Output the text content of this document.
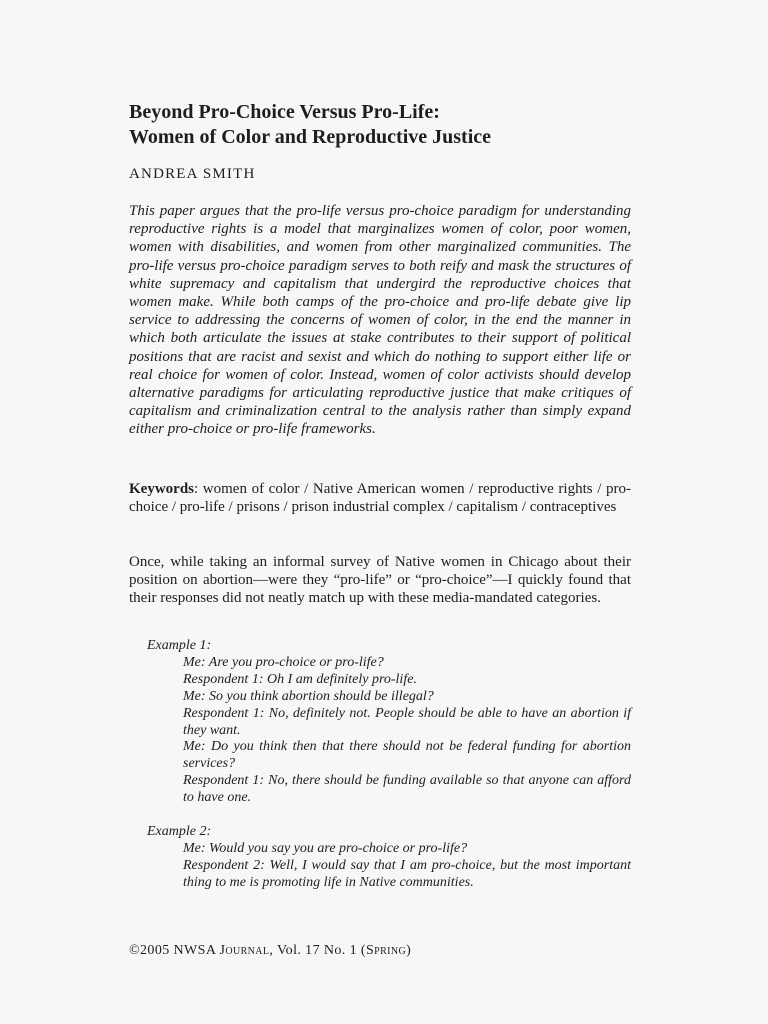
Beyond Pro-Choice Versus Pro-Life:
Women of Color and Reproductive Justice
ANDREA SMITH

This paper argues that the pro-life versus pro-choice paradigm for understanding reproductive rights is a model that marginalizes women of color, poor women, women with disabilities, and women from other marginalized communities. The pro-life versus pro-choice paradigm serves to both reify and mask the structures of white supremacy and capitalism that undergird the reproductive choices that women make. While both camps of the pro-choice and pro-life debate give lip service to addressing the concerns of women of color, in the end the manner in which both articulate the issues at stake contributes to their support of political positions that are racist and sexist and which do nothing to support either life or real choice for women of color. Instead, women of color activists should develop alternative paradigms for articulating reproductive justice that make critiques of capitalism and criminalization central to the analysis rather than simply expand either pro-choice or pro-life frameworks.

Keywords: women of color / Native American women / reproductive rights / pro-choice / pro-life / prisons / prison industrial complex / capitalism / contraceptives

Once, while taking an informal survey of Native women in Chicago about their position on abortion—were they “pro-life” or “pro-choice”—I quickly found that their responses did not neatly match up with these media-mandated categories.

Example 1:
Me: Are you pro-choice or pro-life?
Respondent 1: Oh I am definitely pro-life.
Me: So you think abortion should be illegal?
Respondent 1: No, definitely not. People should be able to have an abortion if they want.
Me: Do you think then that there should not be federal funding for abortion services?
Respondent 1: No, there should be funding available so that anyone can afford to have one.
Example 2:
Me: Would you say you are pro-choice or pro-life?
Respondent 2: Well, I would say that I am pro-choice, but the most important thing to me is promoting life in Native communities.
©2005 NWSA Journal, Vol. 17 No. 1 (Spring)
